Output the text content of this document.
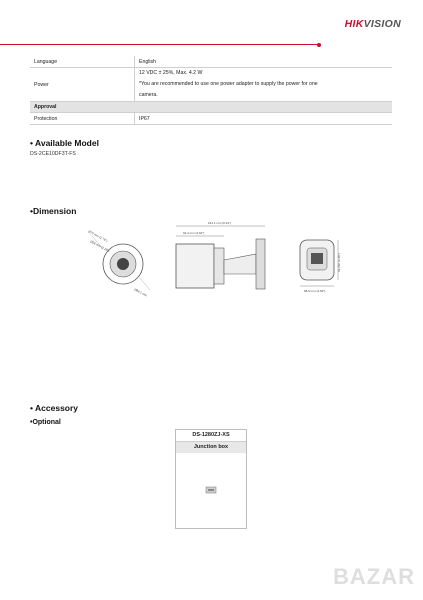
HIKVISION
Language	English
Power	12 VDC ± 25%, Max. 4.2 W
*You are recommended to use one power adapter to supply the power for one
camera.

Approval	
Protection	IP67
• Available Model
DS-2CE10DF3T-FS
•Dimension
Ø70 mm (2.76")
Ø58 mm (2.28")
Ø86.1 mm
161.1 mm (6.34")
92.4 mm (3.64")
68.9 mm (2.69")
63 mm (2.48")
• Accessory
•Optional
DS-1280ZJ-XS
Junction box
BAZAR
